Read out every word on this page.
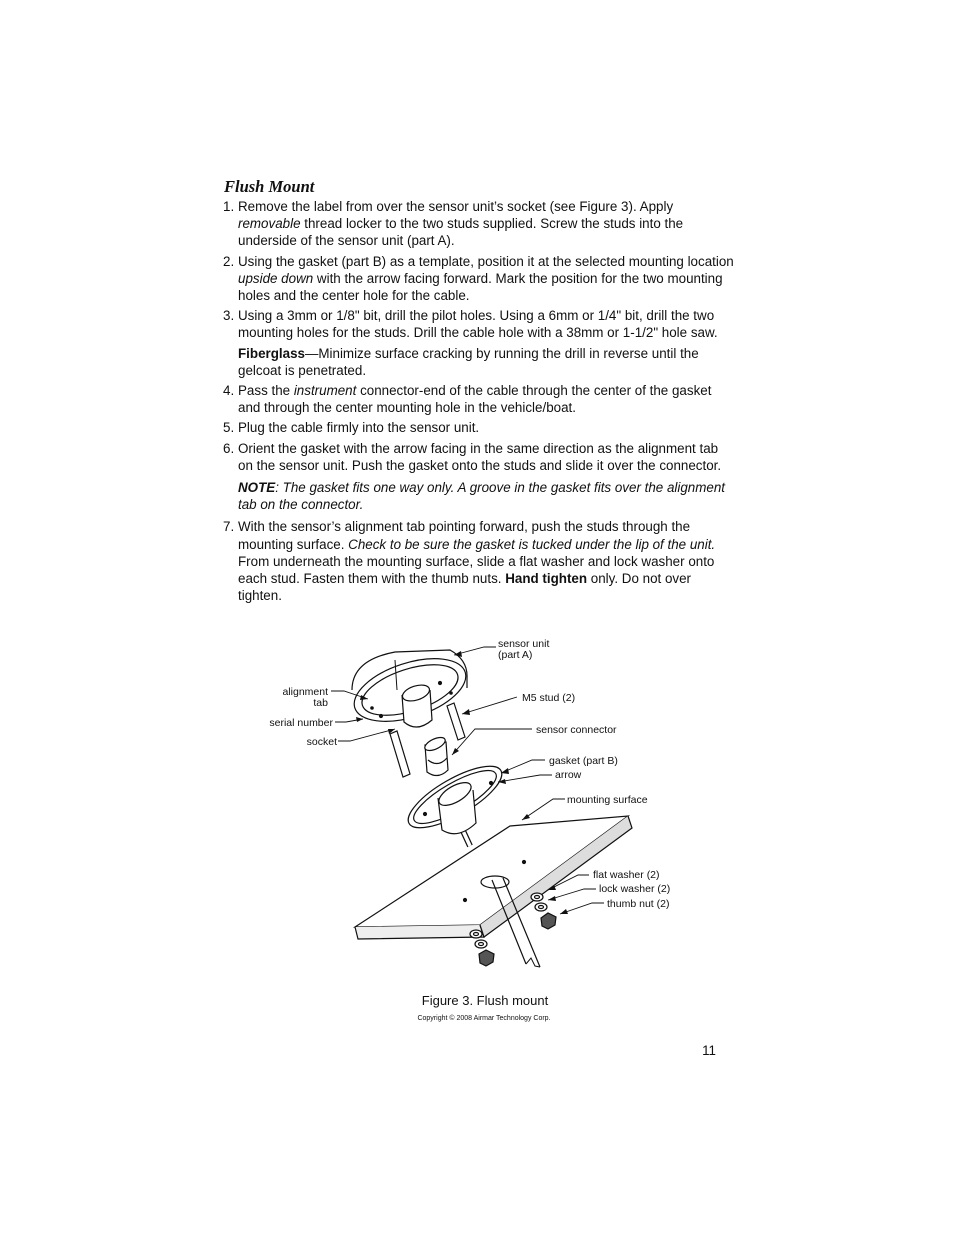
Flush Mount
1. Remove the label from over the sensor unit’s socket (see Figure 3). Apply removable thread locker to the two studs supplied. Screw the studs into the underside of the sensor unit (part A).

2. Using the gasket (part B) as a template, position it at the selected mounting location upside down with the arrow facing forward. Mark the position for the two mounting holes and the center hole for the cable.

3. Using a 3mm or 1/8" bit, drill the pilot holes. Using a 6mm or 1/4" bit, drill the two mounting holes for the studs. Drill the cable hole with a 38mm or 1-1/2" hole saw.

Fiberglass—Minimize surface cracking by running the drill in reverse until the gelcoat is penetrated.

4. Pass the instrument connector-end of the cable through the center of the gasket and through the center mounting hole in the vehicle/boat.

5. Plug the cable firmly into the sensor unit.

6. Orient the gasket with the arrow facing in the same direction as the alignment tab on the sensor unit. Push the gasket onto the studs and slide it over the connector.

NOTE: The gasket fits one way only. A groove in the gasket fits over the alignment tab on the connector.

7. With the sensor’s alignment tab pointing forward, push the studs through the mounting surface. Check to be sure the gasket is tucked under the lip of the unit. From underneath the mounting surface, slide a flat washer and lock washer onto each stud. Fasten them with the thumb nuts. Hand tighten only. Do not over tighten.

sensor unit
(part A)
alignment
tab	M5 stud (2)
serial number
sensor connector
socket
gasket (part B)
arrow
mounting surface
flat washer (2)
lock washer (2)
thumb nut (2)
Figure 3. Flush mount
Copyright © 2008 Airmar Technology Corp.
11
